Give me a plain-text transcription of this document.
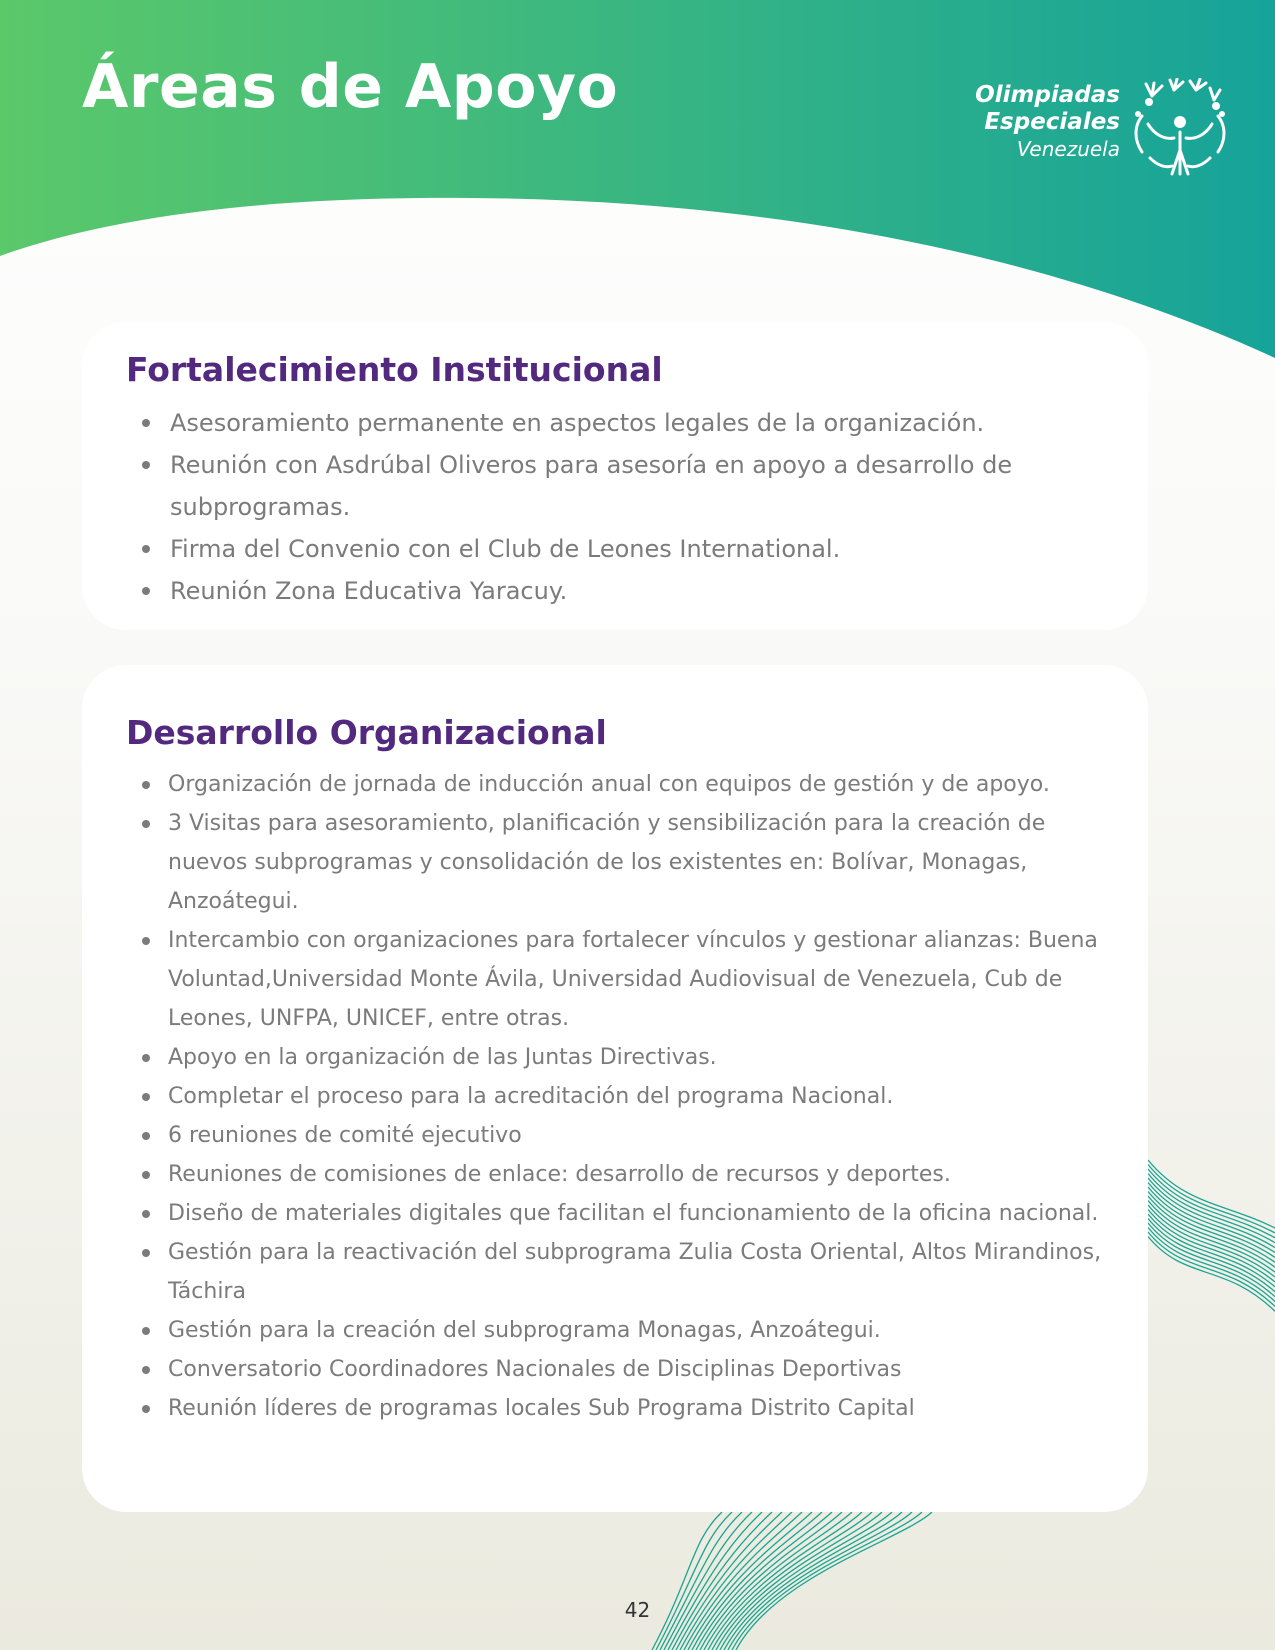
Áreas de Apoyo	Olimpiadas
Especiales
Venezuela
Fortalecimiento Institucional
Asesoramiento permanente en aspectos legales de la organización.
Reunión con Asdrúbal Oliveros para asesoría en apoyo a desarrollo de subprogramas.
Firma del Convenio con el Club de Leones International.
Reunión Zona Educativa Yaracuy.
Desarrollo Organizacional
Organización de jornada de inducción anual con equipos de gestión y de apoyo.
3 Visitas para asesoramiento, planificación y sensibilización para la creación de nuevos subprogramas y consolidación de los existentes en: Bolívar, Monagas, Anzoátegui.
Intercambio con organizaciones para fortalecer vínculos y gestionar alianzas: Buena Voluntad,Universidad Monte Ávila, Universidad Audiovisual de Venezuela, Cub de Leones, UNFPA, UNICEF, entre otras.
Apoyo en la organización de las Juntas Directivas.
Completar el proceso para la acreditación del programa Nacional.
6 reuniones de comité ejecutivo
Reuniones de comisiones de enlace: desarrollo de recursos y deportes.
Diseño de materiales digitales que facilitan el funcionamiento de la oficina nacional.
Gestión para la reactivación del subprograma Zulia Costa Oriental, Altos Mirandinos, Táchira
Gestión para la creación del subprograma Monagas, Anzoátegui.
Conversatorio Coordinadores Nacionales de Disciplinas Deportivas
Reunión líderes de programas locales Sub Programa Distrito Capital
42
